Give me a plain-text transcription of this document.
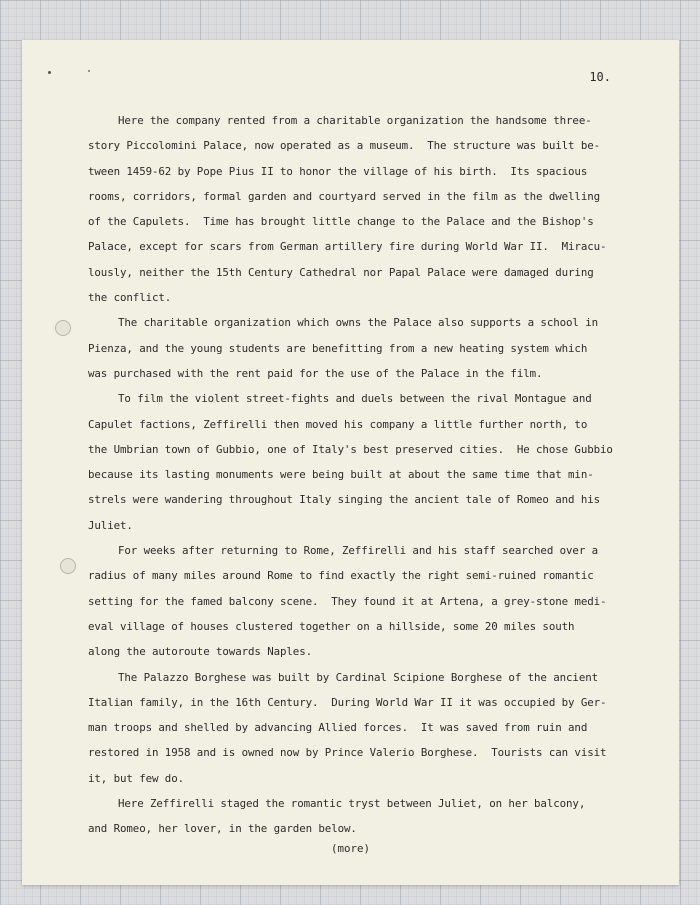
10.
Here the company rented from a charitable organization the handsome three-
story Piccolomini Palace, now operated as a museum.  The structure was built be-
tween 1459-62 by Pope Pius II to honor the village of his birth.  Its spacious
rooms, corridors, formal garden and courtyard served in the film as the dwelling
of the Capulets.  Time has brought little change to the Palace and the Bishop's
Palace, except for scars from German artillery fire during World War II.  Miracu-
lously, neither the 15th Century Cathedral nor Papal Palace were damaged during
the conflict.
The charitable organization which owns the Palace also supports a school in
Pienza, and the young students are benefitting from a new heating system which
was purchased with the rent paid for the use of the Palace in the film.
To film the violent street-fights and duels between the rival Montague and
Capulet factions, Zeffirelli then moved his company a little further north, to
the Umbrian town of Gubbio, one of Italy's best preserved cities.  He chose Gubbio
because its lasting monuments were being built at about the same time that min-
strels were wandering throughout Italy singing the ancient tale of Romeo and his
Juliet.
For weeks after returning to Rome, Zeffirelli and his staff searched over a
radius of many miles around Rome to find exactly the right semi-ruined romantic
setting for the famed balcony scene.  They found it at Artena, a grey-stone medi-
eval village of houses clustered together on a hillside, some 20 miles south
along the autoroute towards Naples.
The Palazzo Borghese was built by Cardinal Scipione Borghese of the ancient
Italian family, in the 16th Century.  During World War II it was occupied by Ger-
man troops and shelled by advancing Allied forces.  It was saved from ruin and
restored in 1958 and is owned now by Prince Valerio Borghese.  Tourists can visit
it, but few do.
Here Zeffirelli staged the romantic tryst between Juliet, on her balcony,
and Romeo, her lover, in the garden below.
(more)
